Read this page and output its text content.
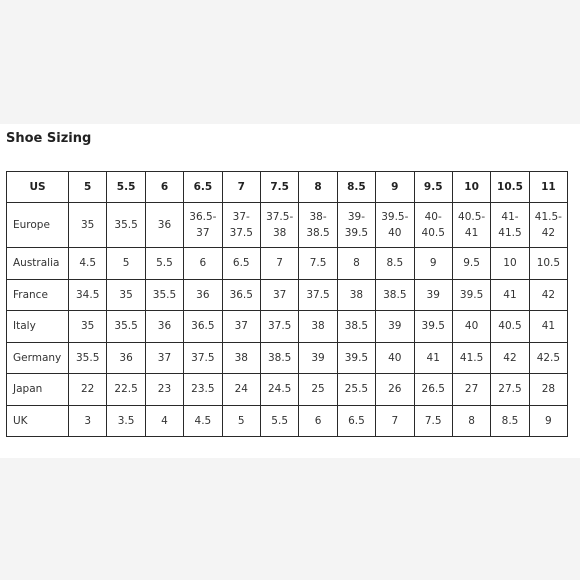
Shoe Sizing
US	5	5.5	6	6.5	7	7.5	8	8.5	9	9.5	10	10.5	11
Europe	35	35.5	36	36.5-37	37-37.5	37.5-38	38-38.5	39-39.5	39.5-40	40-40.5	40.5-41	41-41.5	41.5-42
Australia	4.5	5	5.5	6	6.5	7	7.5	8	8.5	9	9.5	10	10.5
France	34.5	35	35.5	36	36.5	37	37.5	38	38.5	39	39.5	41	42
Italy	35	35.5	36	36.5	37	37.5	38	38.5	39	39.5	40	40.5	41
Germany	35.5	36	37	37.5	38	38.5	39	39.5	40	41	41.5	42	42.5
Japan	22	22.5	23	23.5	24	24.5	25	25.5	26	26.5	27	27.5	28
UK	3	3.5	4	4.5	5	5.5	6	6.5	7	7.5	8	8.5	9
